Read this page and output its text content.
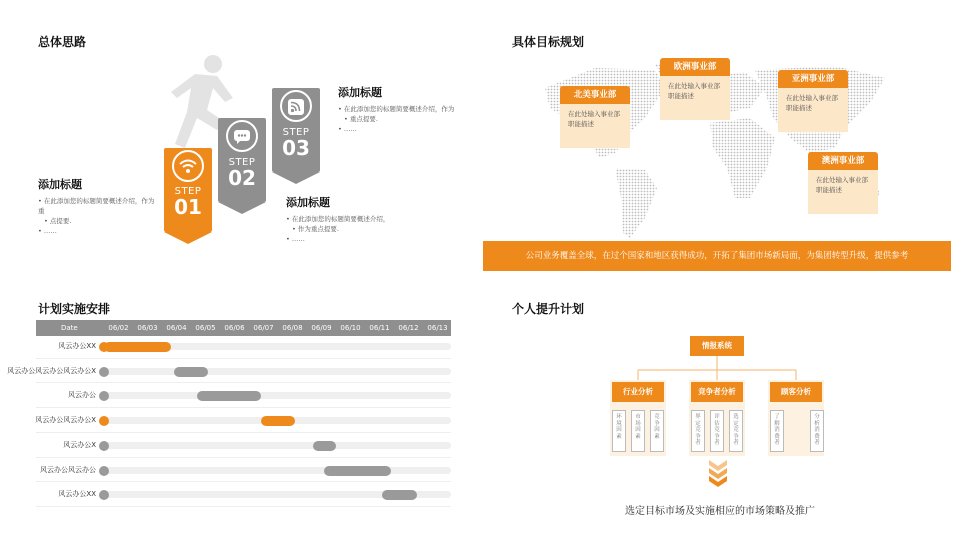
总体思路
STEP
01
STEP
02
STEP
03
添加标题
• 在此添加您的标题简要概述介绍，作为重
• 点提要.
• ……
添加标题
• 在此添加您的标题简要概述介绍，
• 作为重点提要.
• ……
添加标题
• 在此添加您的标题简要概述介绍，作为
• 重点提要.
• ……
具体目标规划
北美事业部
在此处输入事业部
职能描述
欧洲事业部
在此处输入事业部
职能描述
亚洲事业部
在此处输入事业部
职能描述
澳洲事业部
在此处输入事业部
职能描述
公司业务覆盖全球，在过个国家和地区获得成功，开拓了集团市场新局面，为集团转型升级，提供参考
计划实施安排
Date	06/02	06/03	06/04	06/05	06/06	06/07	06/08	06/09	06/10	06/11	06/12	06/13
风云办公XX
风云办公风云办公风云办公X
风云办公
风云办公风云办公X
风云办公X
风云办公风云办公
风云办公XX
个人提升计划
情报系统
行业分析	竞争者分析	顾客分析
环
境
因
素
市
场
因
素
竞
争
因
素
界
定
竞
争
者
评
估
竞
争
者
选
定
竞
争
者
了
解
消
费
者
分
析
消
费
者
选定目标市场及实施相应的市场策略及推广
